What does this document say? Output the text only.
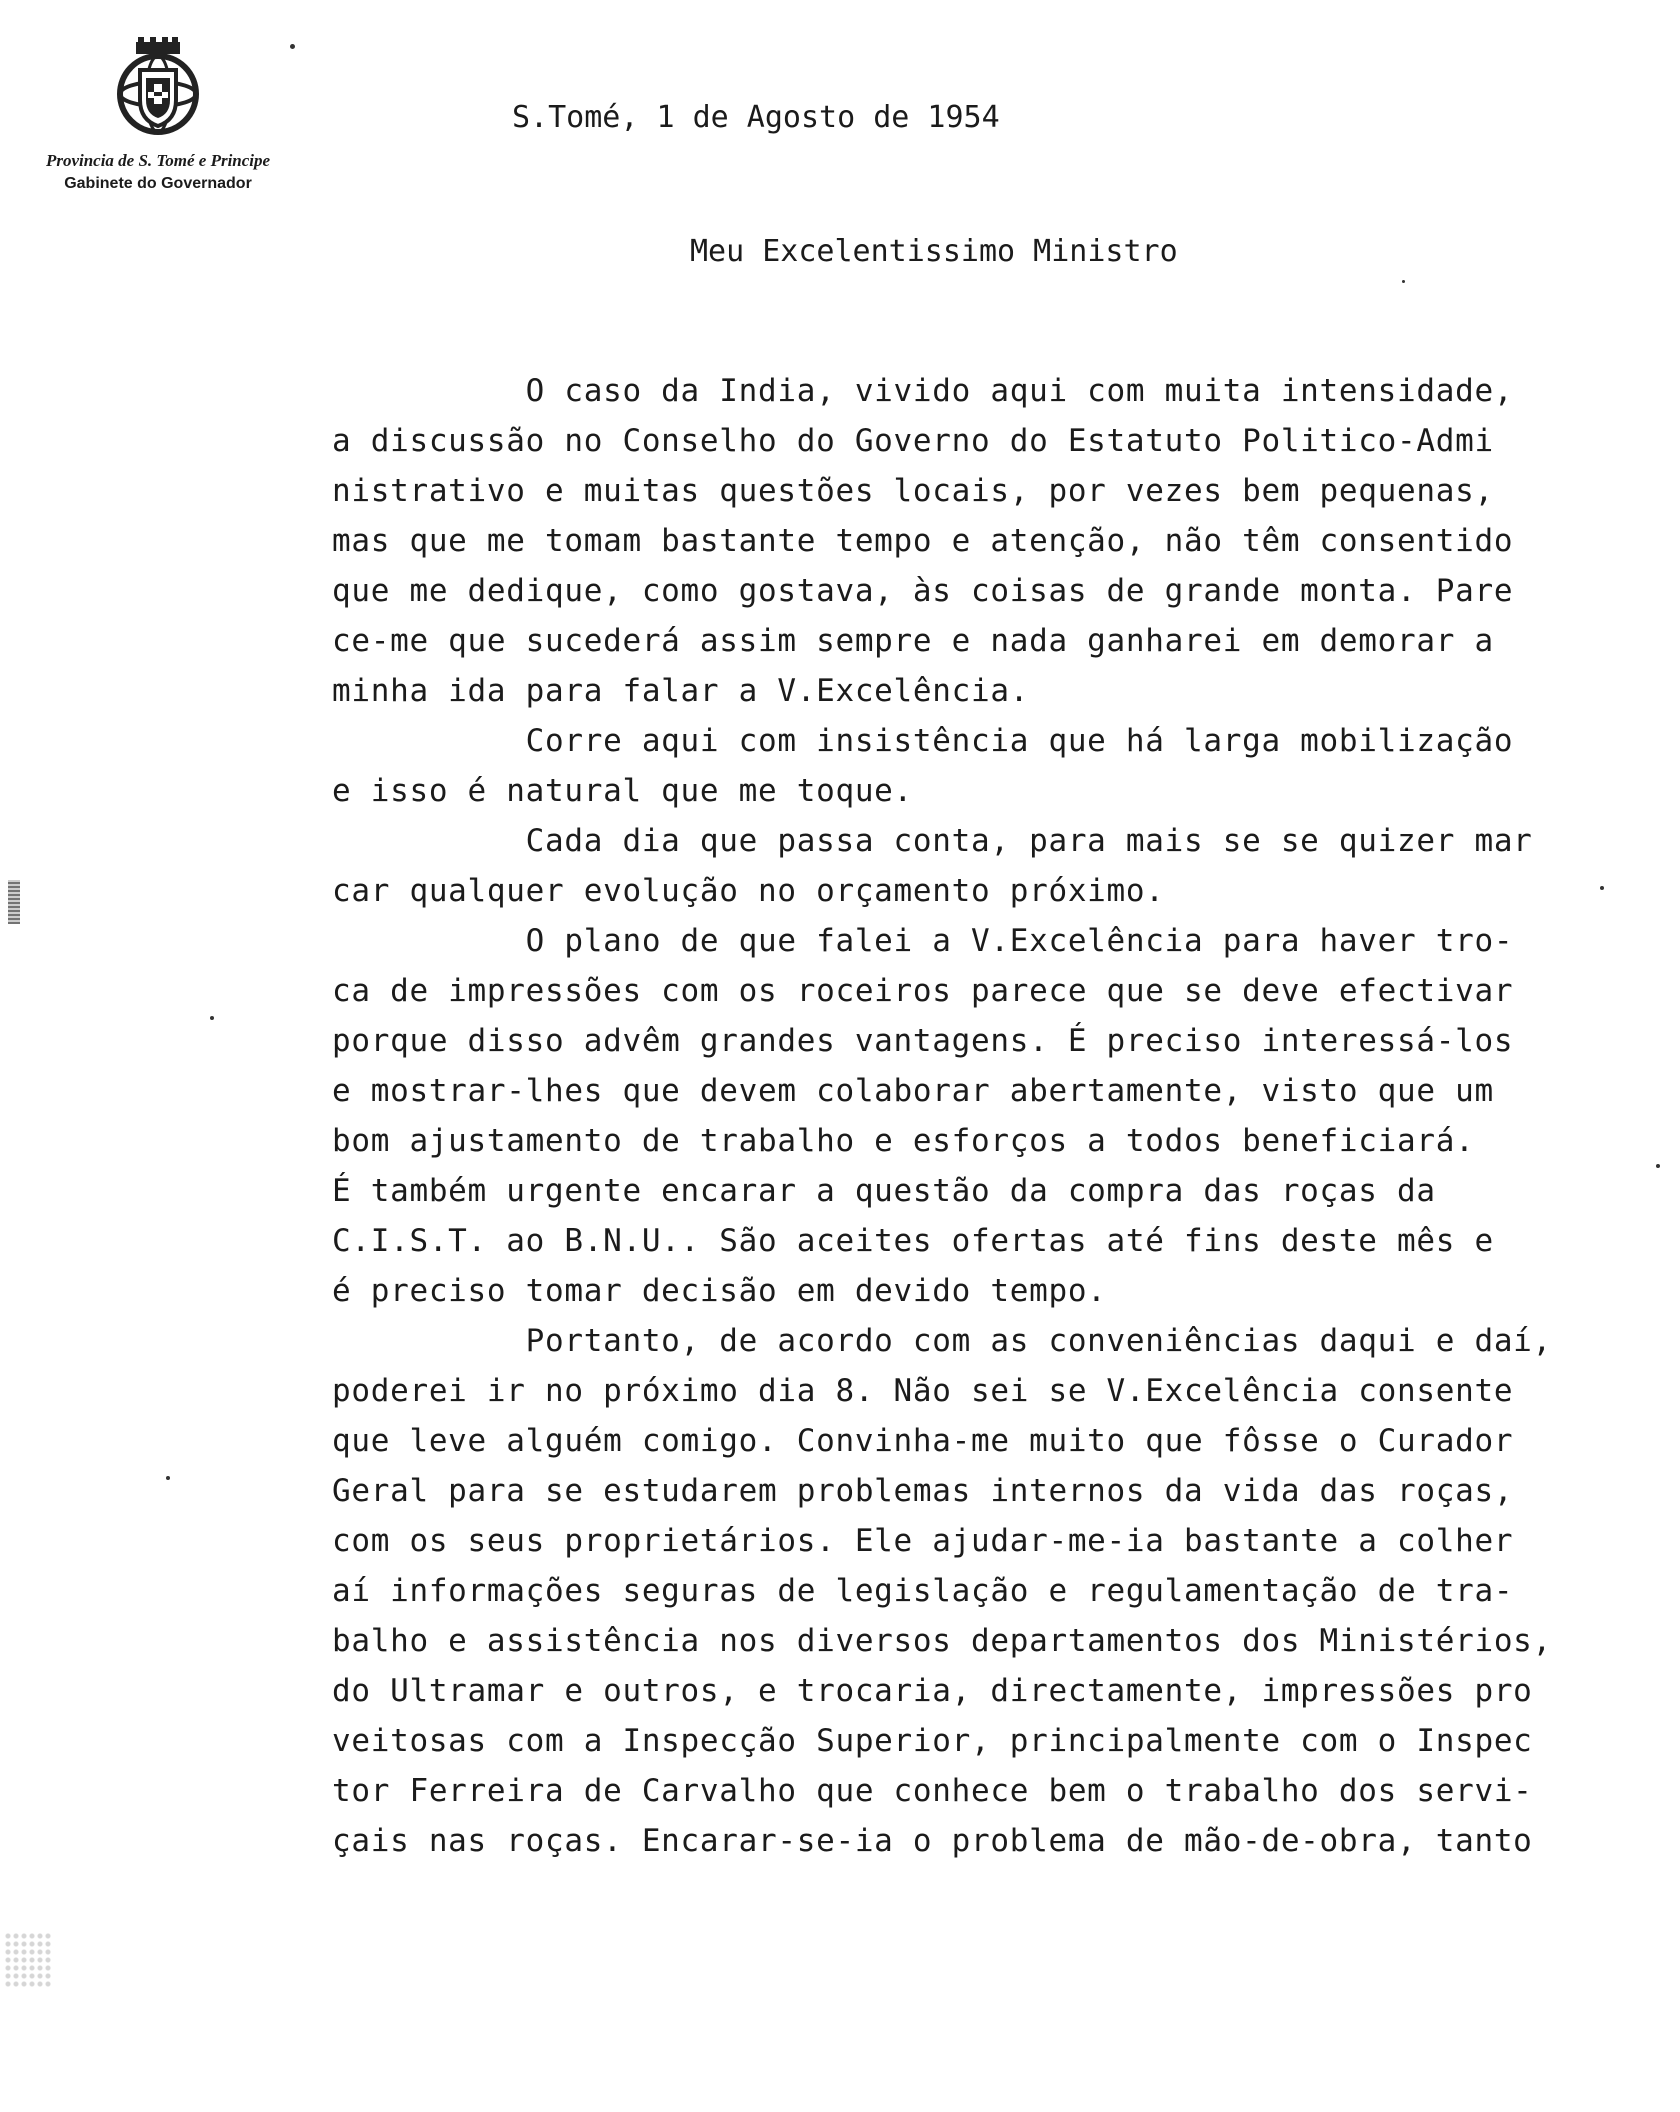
Provincia de S. Tomé e Principe
Gabinete do Governador
S.Tomé, 1 de Agosto de 1954
Meu Excelentissimo Ministro
O caso da India, vivido aqui com muita intensidade,
a discussão no Conselho do Governo do Estatuto Politico-Admi
nistrativo e muitas questões locais, por vezes bem pequenas,
mas que me tomam bastante tempo e atenção, não têm consentido
que me dedique, como gostava, às coisas de grande monta. Pare
ce-me que sucederá assim sempre e nada ganharei em demorar a
minha ida para falar a V.Excelência.
Corre aqui com insistência que há larga mobilização
e isso é natural que me toque.
Cada dia que passa conta, para mais se se quizer mar
car qualquer evolução no orçamento próximo.
O plano de que falei a V.Excelência para haver tro-
ca de impressões com os roceiros parece que se deve efectivar
porque disso advêm grandes vantagens. É preciso interessá-los
e mostrar-lhes que devem colaborar abertamente, visto que um
bom ajustamento de trabalho e esforços a todos beneficiará.
É também urgente encarar a questão da compra das roças da
C.I.S.T. ao B.N.U.. São aceites ofertas até fins deste mês e
é preciso tomar decisão em devido tempo.
Portanto, de acordo com as conveniências daqui e daí,
poderei ir no próximo dia 8. Não sei se V.Excelência consente
que leve alguém comigo. Convinha-me muito que fôsse o Curador
Geral para se estudarem problemas internos da vida das roças,
com os seus proprietários. Ele ajudar-me-ia bastante a colher
aí informações seguras de legislação e regulamentação de tra-
balho e assistência nos diversos departamentos dos Ministérios,
do Ultramar e outros, e trocaria, directamente, impressões pro
veitosas com a Inspecção Superior, principalmente com o Inspec
tor Ferreira de Carvalho que conhece bem o trabalho dos servi-
çais nas roças. Encarar-se-ia o problema de mão-de-obra, tanto
